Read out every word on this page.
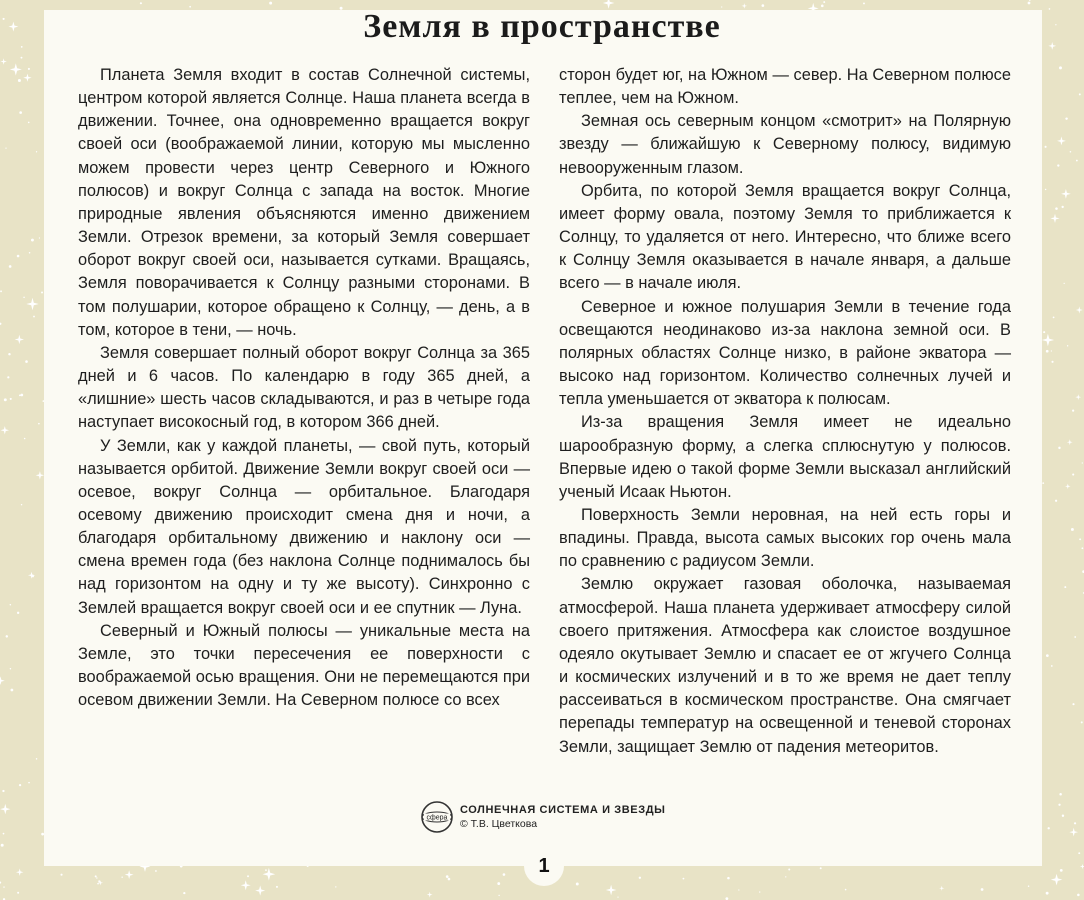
Земля в пространстве

Планета Земля входит в состав Солнечной системы, центром которой является Солнце. Наша планета всегда в движении. Точнее, она одновременно вращается вокруг своей оси (воображаемой линии, которую мы мысленно можем провести через центр Северного и Южного полюсов) и вокруг Солнца с запада на восток. Многие природные явления объясняются именно движением Земли. Отрезок времени, за который Земля совершает оборот вокруг своей оси, называется сутками. Вращаясь, Земля поворачивается к Солнцу разными сторонами. В том полушарии, которое обращено к Солнцу, — день, а в том, которое в тени, — ночь.

Земля совершает полный оборот вокруг Солнца за 365 дней и 6 часов. По календарю в году 365 дней, а «лишние» шесть часов складываются, и раз в четыре года наступает високосный год, в котором 366 дней.

У Земли, как у каждой планеты, — свой путь, который называется орбитой. Движение Земли вокруг своей оси — осевое, вокруг Солнца — орбитальное. Благодаря осевому движению происходит смена дня и ночи, а благодаря орбитальному движению и наклону оси — смена времен года (без наклона Солнце поднималось бы над горизонтом на одну и ту же высоту). Синхронно с Землей вращается вокруг своей оси и ее спутник — Луна.

Северный и Южный полюсы — уникальные места на Земле, это точки пересечения ее поверхности с воображаемой осью вращения. Они не перемещаются при осевом движении Земли. На Северном полюсе со всех

сторон будет юг, на Южном — север. На Северном полюсе теплее, чем на Южном.

Земная ось северным концом «смотрит» на Полярную звезду — ближайшую к Северному полюсу, видимую невооруженным глазом.

Орбита, по которой Земля вращается вокруг Солнца, имеет форму овала, поэтому Земля то приближается к Солнцу, то удаляется от него. Интересно, что ближе всего к Солнцу Земля оказывается в начале января, а дальше всего — в начале июля.

Северное и южное полушария Земли в течение года освещаются неодинаково из-за наклона земной оси. В полярных областях Солнце низко, в районе экватора — высоко над горизонтом. Количество солнечных лучей и тепла уменьшается от экватора к полюсам.

Из-за вращения Земля имеет не идеально шарообразную форму, а слегка сплюснутую у полюсов. Впервые идею о такой форме Земли высказал английский ученый Исаак Ньютон.

Поверхность Земли неровная, на ней есть горы и впадины. Правда, высота самых высоких гор очень мала по сравнению с радиусом Земли.

Землю окружает газовая оболочка, называемая атмосферой. Наша планета удерживает атмосферу силой своего притяжения. Атмосфера как слоистое воздушное одеяло окутывает Землю и спасает ее от жгучего Солнца и космических излучений и в то же время не дает теплу рассеиваться в космическом пространстве. Она смягчает перепады температур на освещенной и теневой сторонах Земли, защищает Землю от падения метеоритов.

сфера
СОЛНЕЧНАЯ СИСТЕМА И ЗВЕЗДЫ
© Т.В. Цветкова
1
